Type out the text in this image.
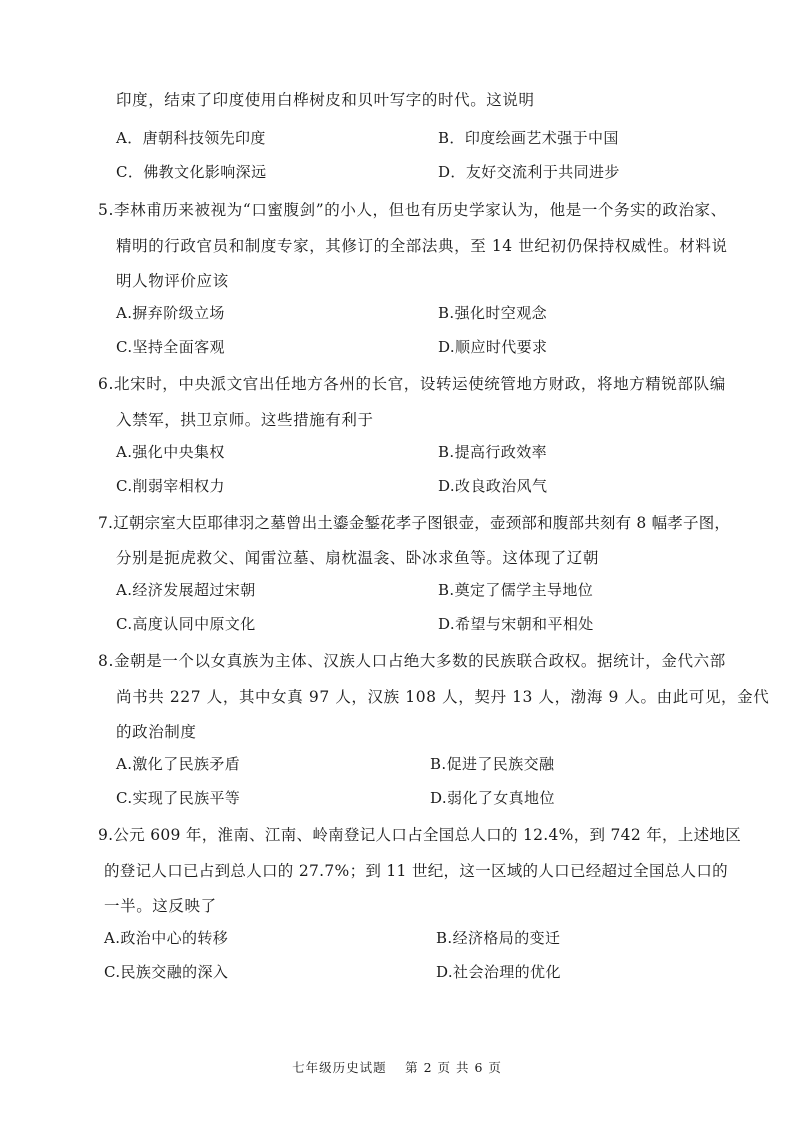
印度，结束了印度使用白桦树皮和贝叶写字的时代。这说明
A．唐朝科技领先印度	B．印度绘画艺术强于中国
C．佛教文化影响深远	D．友好交流利于共同进步
5.李林甫历来被视为“口蜜腹剑”的小人，但也有历史学家认为，他是一个务实的政治家、
精明的行政官员和制度专家，其修订的全部法典，至 14 世纪初仍保持权威性。材料说
明人物评价应该
A.摒弃阶级立场	B.强化时空观念
C.坚持全面客观	D.顺应时代要求
6.北宋时，中央派文官出任地方各州的长官，设转运使统管地方财政，将地方精锐部队编
入禁军，拱卫京师。这些措施有利于
A.强化中央集权	B.提高行政效率
C.削弱宰相权力	D.改良政治风气
7.辽朝宗室大臣耶律羽之墓曾出土鎏金錾花孝子图银壶，壶颈部和腹部共刻有 8 幅孝子图，
分别是扼虎救父、闻雷泣墓、扇枕温衾、卧冰求鱼等。这体现了辽朝
A.经济发展超过宋朝	B.奠定了儒学主导地位
C.高度认同中原文化	D.希望与宋朝和平相处
8.金朝是一个以女真族为主体、汉族人口占绝大多数的民族联合政权。据统计，金代六部
尚书共 227 人，其中女真 97 人，汉族 108 人，契丹 13 人，渤海 9 人。由此可见，金代
的政治制度
A.激化了民族矛盾	B.促进了民族交融
C.实现了民族平等	D.弱化了女真地位
9.公元 609 年，淮南、江南、岭南登记人口占全国总人口的 12.4%，到 742 年，上述地区
的登记人口已占到总人口的 27.7%；到 11 世纪，这一区域的人口已经超过全国总人口的
一半。这反映了
A.政治中心的转移	B.经济格局的变迁
C.民族交融的深入	D.社会治理的优化
七年级历史试题　 第 2 页 共 6 页
